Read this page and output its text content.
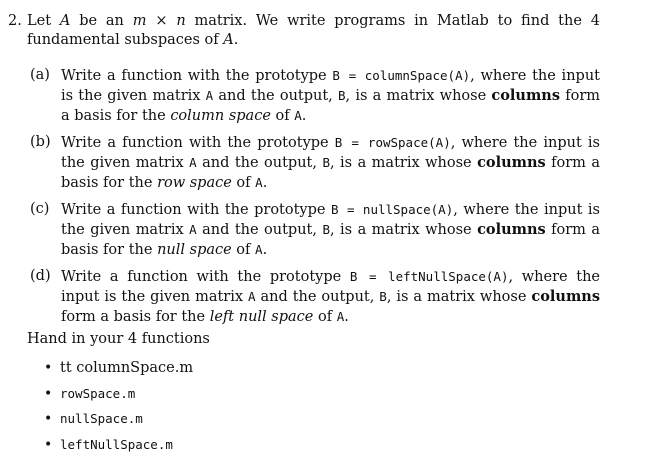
2. Let A be an m × n matrix. We write programs in Matlab to find the 4 fundamental subspaces of A.
(a) Write a function with the prototype B = columnSpace(A), where the input is the given matrix A and the output, B, is a matrix whose columns form a basis for the column space of A.
(b) Write a function with the prototype B = rowSpace(A), where the input is the given matrix A and the output, B, is a matrix whose columns form a basis for the row space of A.
(c) Write a function with the prototype B = nullSpace(A), where the input is the given matrix A and the output, B, is a matrix whose columns form a basis for the null space of A.
(d) Write a function with the prototype B = leftNullSpace(A), where the input is the given matrix A and the output, B, is a matrix whose columns form a basis for the left null space of A.
Hand in your 4 functions
• tt columnSpace.m
• rowSpace.m
• nullSpace.m
• leftNullSpace.m
